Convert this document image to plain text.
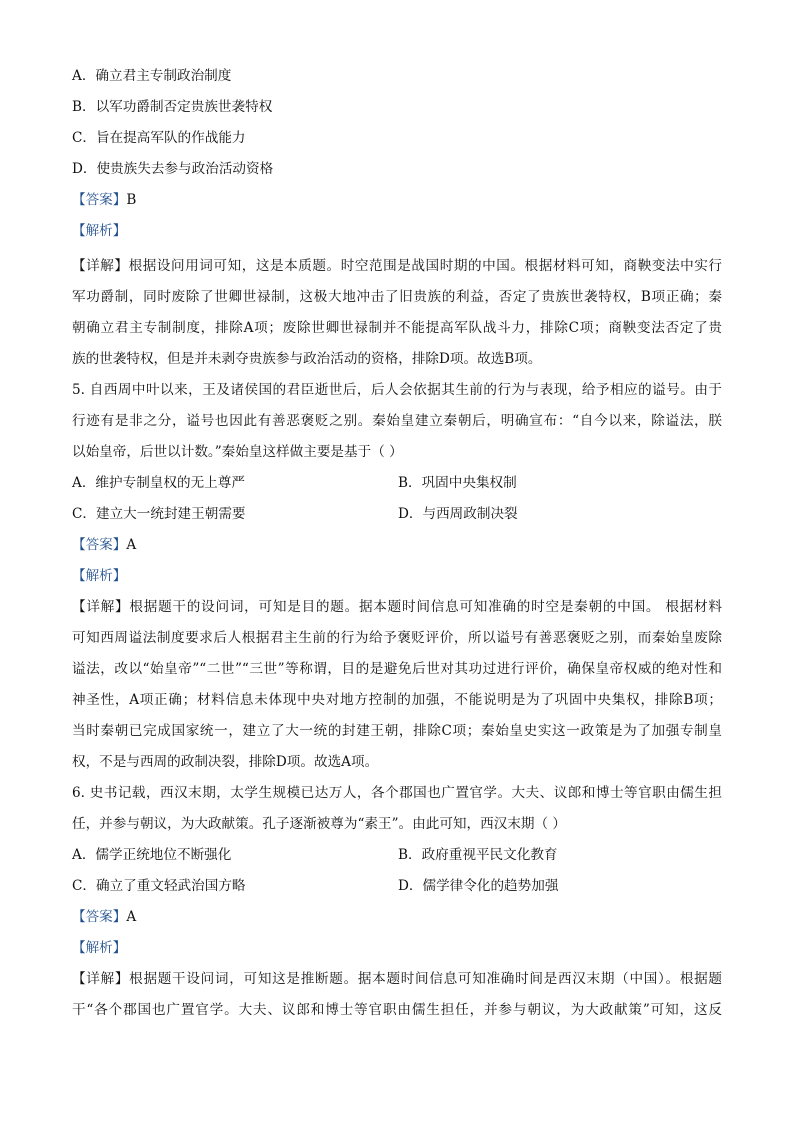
A．确立君主专制政治制度
B．以军功爵制否定贵族世袭特权
C．旨在提高军队的作战能力
D．使贵族失去参与政治活动资格
【答案】B
【解析】
【详解】根据设问用词可知，这是本质题。时空范围是战国时期的中国。根据材料可知，商鞅变法中实行
军功爵制，同时废除了世卿世禄制，这极大地冲击了旧贵族的利益，否定了贵族世袭特权，B项正确；秦
朝确立君主专制制度，排除A项；废除世卿世禄制并不能提高军队战斗力，排除C项；商鞅变法否定了贵
族的世袭特权，但是并未剥夺贵族参与政治活动的资格，排除D项。故选B项。
5. 自西周中叶以来，王及诸侯国的君臣逝世后，后人会依据其生前的行为与表现，给予相应的谥号。由于
行迹有是非之分，谥号也因此有善恶褒贬之别。秦始皇建立秦朝后，明确宣布：“自今以来，除谥法，朕
以始皇帝，后世以计数。”秦始皇这样做主要是基于（ ）
A．维护专制皇权的无上尊严	B．巩固中央集权制
C．建立大一统封建王朝需要	D．与西周政制决裂
【答案】A
【解析】
【详解】根据题干的设问词，可知是目的题。据本题时间信息可知准确的时空是秦朝的中国。 根据材料
可知西周谥法制度要求后人根据君主生前的行为给予褒贬评价，所以谥号有善恶褒贬之别，而秦始皇废除
谥法，改以“始皇帝”“二世”“三世”等称谓，目的是避免后世对其功过进行评价，确保皇帝权威的绝对性和
神圣性，A项正确；材料信息未体现中央对地方控制的加强，不能说明是为了巩固中央集权，排除B项；
当时秦朝已完成国家统一，建立了大一统的封建王朝，排除C项；秦始皇史实这一政策是为了加强专制皇
权，不是与西周的政制决裂，排除D项。故选A项。
6. 史书记载，西汉末期，太学生规模已达万人，各个郡国也广置官学。大夫、议郎和博士等官职由儒生担
任，并参与朝议，为大政献策。孔子逐渐被尊为“素王”。由此可知，西汉末期（ ）
A．儒学正统地位不断强化	B．政府重视平民文化教育
C．确立了重文轻武治国方略	D．儒学律令化的趋势加强
【答案】A
【解析】
【详解】根据题干设问词，可知这是推断题。据本题时间信息可知准确时间是西汉末期（中国）。根据题
干“各个郡国也广置官学。大夫、议郎和博士等官职由儒生担任，并参与朝议，为大政献策”可知，这反
